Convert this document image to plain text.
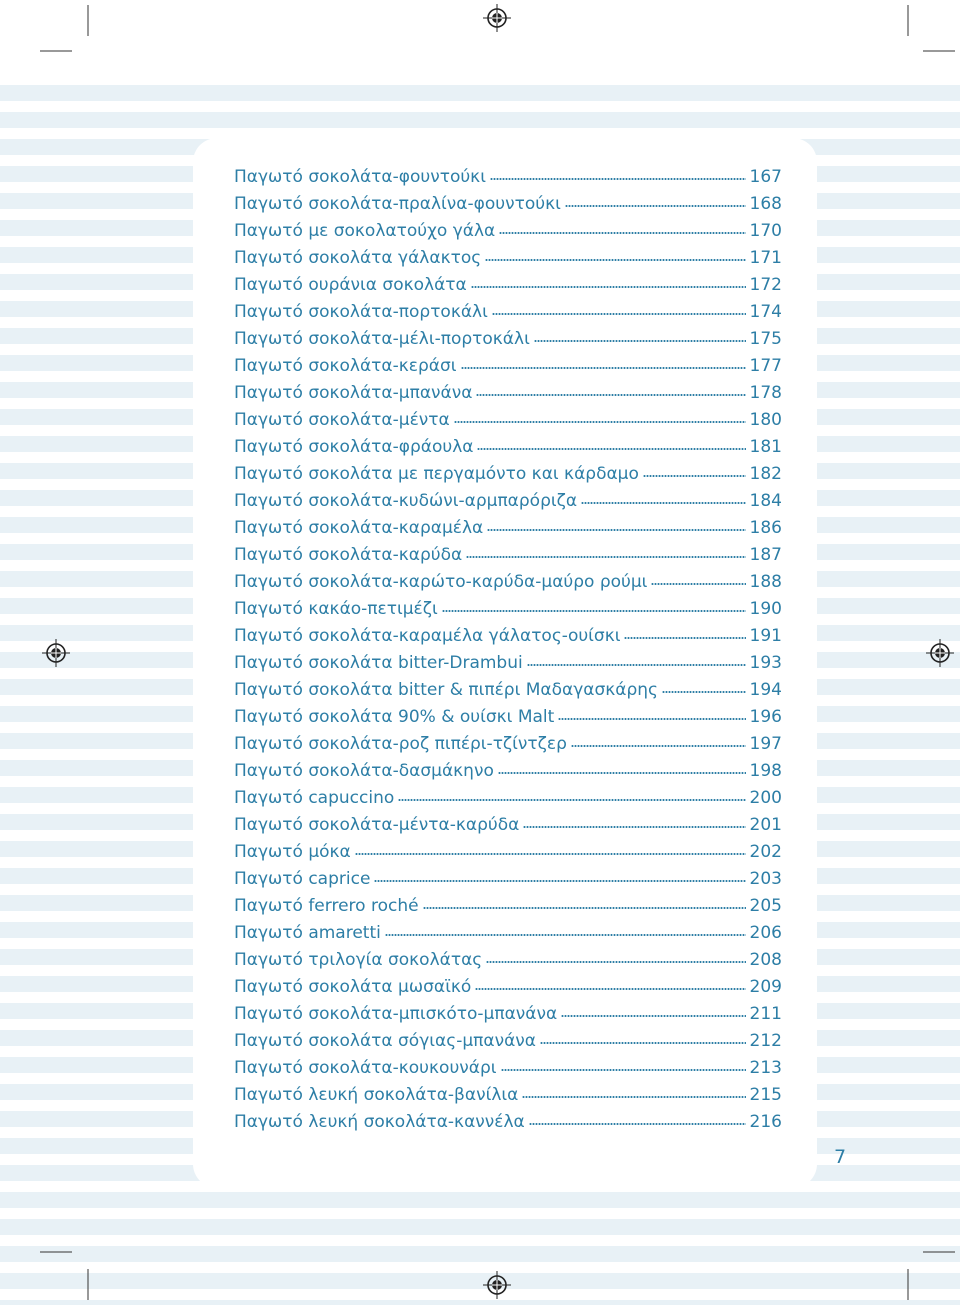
Παγωτό σοκολάτα-φουντούκι	167
Παγωτό σοκολάτα-πραλίνα-φουντούκι	168
Παγωτό με σοκολατούχο γάλα	170
Παγωτό σοκολάτα γάλακτος	171
Παγωτό ουράνια σοκολάτα	172
Παγωτό σοκολάτα-πορτοκάλι	174
Παγωτό σοκολάτα-μέλι-πορτοκάλι	175
Παγωτό σοκολάτα-κεράσι	177
Παγωτό σοκολάτα-μπανάνα	178
Παγωτό σοκολάτα-μέντα	180
Παγωτό σοκολάτα-φράουλα	181
Παγωτό σοκολάτα με περγαμόντο και κάρδαμο	182
Παγωτό σοκολάτα-κυδώνι-αρμπαρόριζα	184
Παγωτό σοκολάτα-καραμέλα	186
Παγωτό σοκολάτα-καρύδα	187
Παγωτό σοκολάτα-καρώτο-καρύδα-μαύρο ρούμι	188
Παγωτό κακάο-πετιμέζι	190
Παγωτό σοκολάτα-καραμέλα γάλατος-ουίσκι	191
Παγωτό σοκολάτα bitter-Drambui	193
Παγωτό σοκολάτα bitter & πιπέρι Μαδαγασκάρης	194
Παγωτό σοκολάτα 90% & ουίσκι Malt	196
Παγωτό σοκολάτα-ροζ πιπέρι-τζίντζερ	197
Παγωτό σοκολάτα-δασμάκηνο	198
Παγωτό capuccino	200
Παγωτό σοκολάτα-μέντα-καρύδα	201
Παγωτό μόκα	202
Παγωτό caprice	203
Παγωτό ferrero roché	205
Παγωτό amaretti	206
Παγωτό τριλογία σοκολάτας	208
Παγωτό σοκολάτα μωσαϊκό	209
Παγωτό σοκολάτα-μπισκότο-μπανάνα	211
Παγωτό σοκολάτα σόγιας-μπανάνα	212
Παγωτό σοκολάτα-κουκουνάρι	213
Παγωτό λευκή σοκολάτα-βανίλια	215
Παγωτό λευκή σοκολάτα-καννέλα	216
7
